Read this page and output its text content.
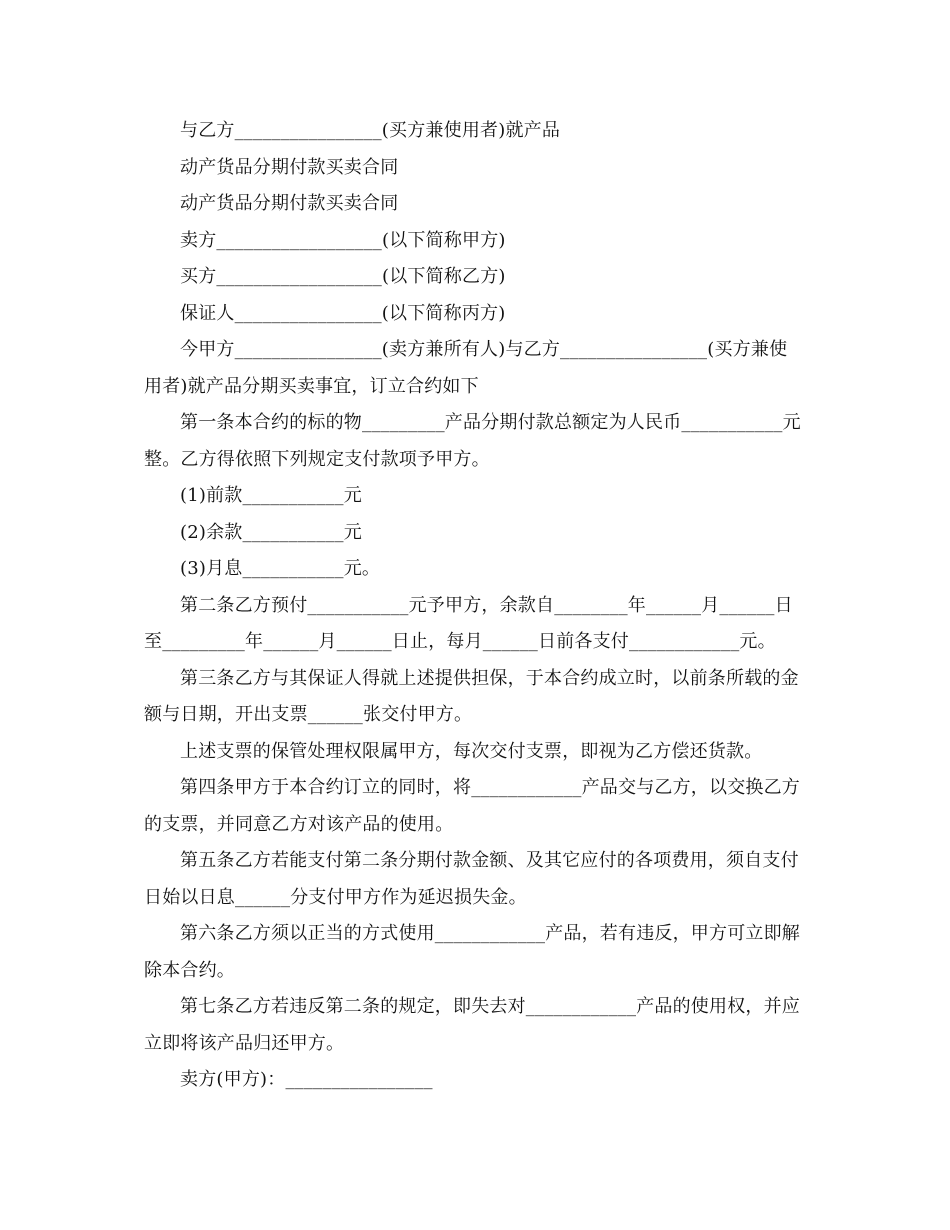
与乙方________________(买方兼使用者)就产品

动产货品分期付款买卖合同

动产货品分期付款买卖合同

卖方__________________(以下简称甲方)

买方__________________(以下简称乙方)

保证人________________(以下简称丙方)

今甲方________________(卖方兼所有人)与乙方________________(买方兼使用者)就产品分期买卖事宜，订立合约如下

第一条本合约的标的物_________产品分期付款总额定为人民币___________元整。乙方得依照下列规定支付款项予甲方。

(1)前款___________元

(2)余款___________元

(3)月息___________元。

第二条乙方预付___________元予甲方，余款自________年______月______日至_________年______月______日止，每月______日前各支付____________元。

第三条乙方与其保证人得就上述提供担保，于本合约成立时，以前条所载的金额与日期，开出支票______张交付甲方。

上述支票的保管处理权限属甲方，每次交付支票，即视为乙方偿还货款。

第四条甲方于本合约订立的同时，将____________产品交与乙方，以交换乙方的支票，并同意乙方对该产品的使用。

第五条乙方若能支付第二条分期付款金额、及其它应付的各项费用，须自支付日始以日息______分支付甲方作为延迟损失金。

第六条乙方须以正当的方式使用____________产品，若有违反，甲方可立即解除本合约。

第七条乙方若违反第二条的规定，即失去对____________产品的使用权，并应立即将该产品归还甲方。

卖方(甲方)：________________
